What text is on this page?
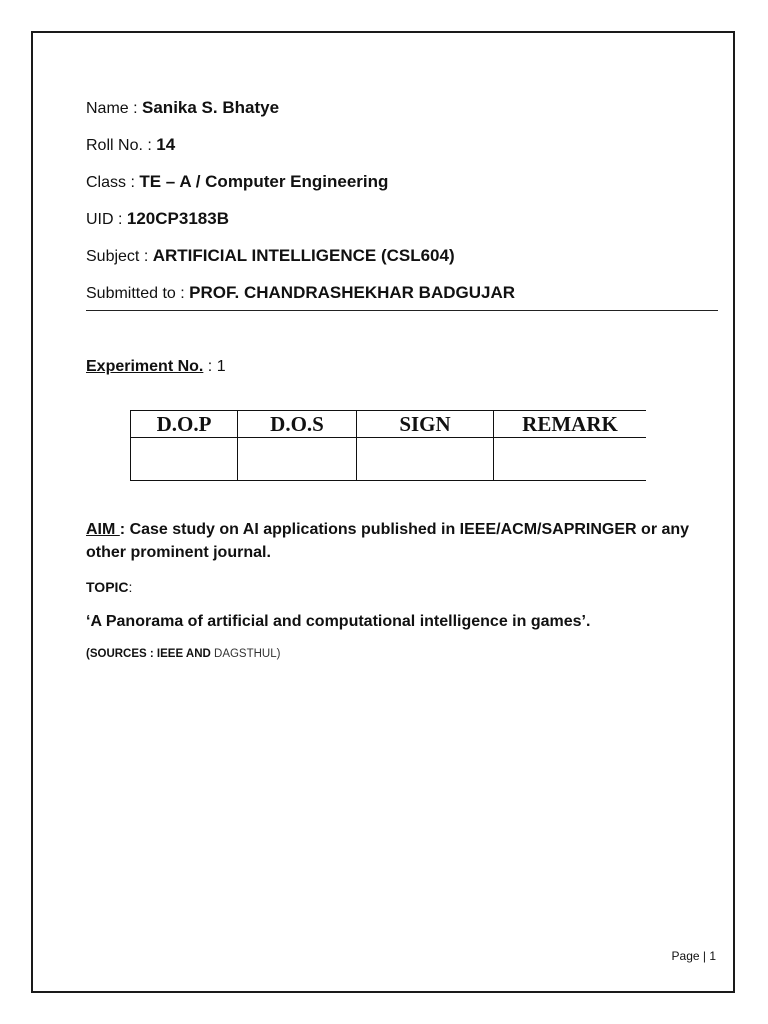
Name : Sanika S. Bhatye
Roll No. : 14
Class : TE – A / Computer Engineering
UID : 120CP3183B
Subject : ARTIFICIAL INTELLIGENCE (CSL604)
Submitted to : PROF. CHANDRASHEKHAR BADGUJAR
Experiment No. : 1
D.O.P	D.O.S	SIGN	REMARK

AIM : Case study on AI applications published in IEEE/ACM/SAPRINGER or any other prominent journal.
TOPIC:
‘A Panorama of artificial and computational intelligence in games’.
(SOURCES : IEEE AND DAGSTHUL)
Page | 1
